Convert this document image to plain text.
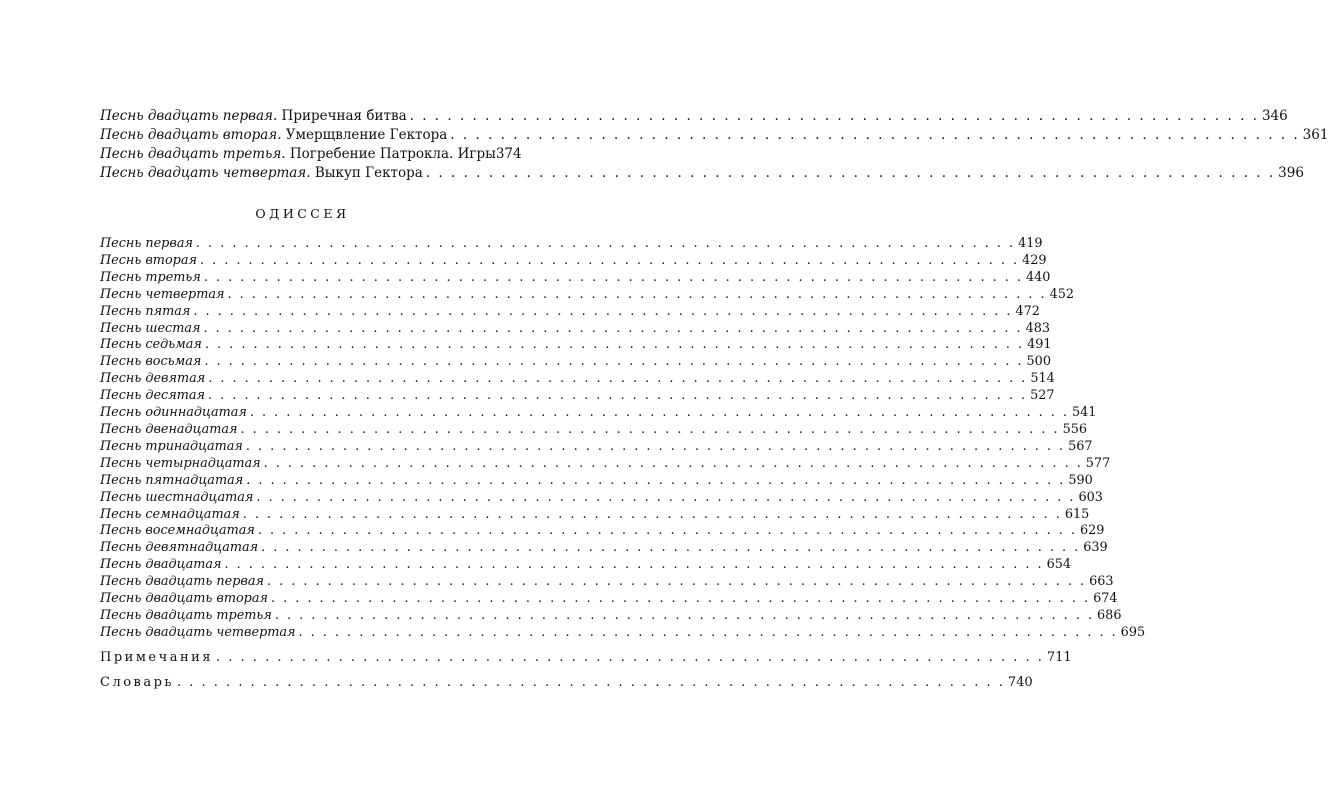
Песнь двадцать первая. Приречная битва . . .	346
Песнь двадцать вторая. Умерщвление Гектора . . .	361
Песнь двадцать третья. Погребение Патрокла. Игры 374
Песнь двадцать четвертая. Выкуп Гектора . . .	396
ОДИССЕЯ
Песнь первая . . .	419
Песнь вторая . . .	429
Песнь третья . . .	440
Песнь четвертая . . .	452
Песнь пятая . . .	472
Песнь шестая . . .	483
Песнь седьмая . . .	491
Песнь восьмая . . .	500
Песнь девятая . . .	514
Песнь десятая . . .	527
Песнь одиннадцатая . . .	541
Песнь двенадцатая . . .	556
Песнь тринадцатая . . .	567
Песнь четырнадцатая . . .	577
Песнь пятнадцатая . . .	590
Песнь шестнадцатая . . .	603
Песнь семнадцатая . . .	615
Песнь восемнадцатая . . .	629
Песнь девятнадцатая . . .	639
Песнь двадцатая . . .	654
Песнь двадцать первая . . .	663
Песнь двадцать вторая . . .	674
Песнь двадцать третья . . .	686
Песнь двадцать четвертая . . .	695
Примечания . . .	711
Словарь . . .	740
